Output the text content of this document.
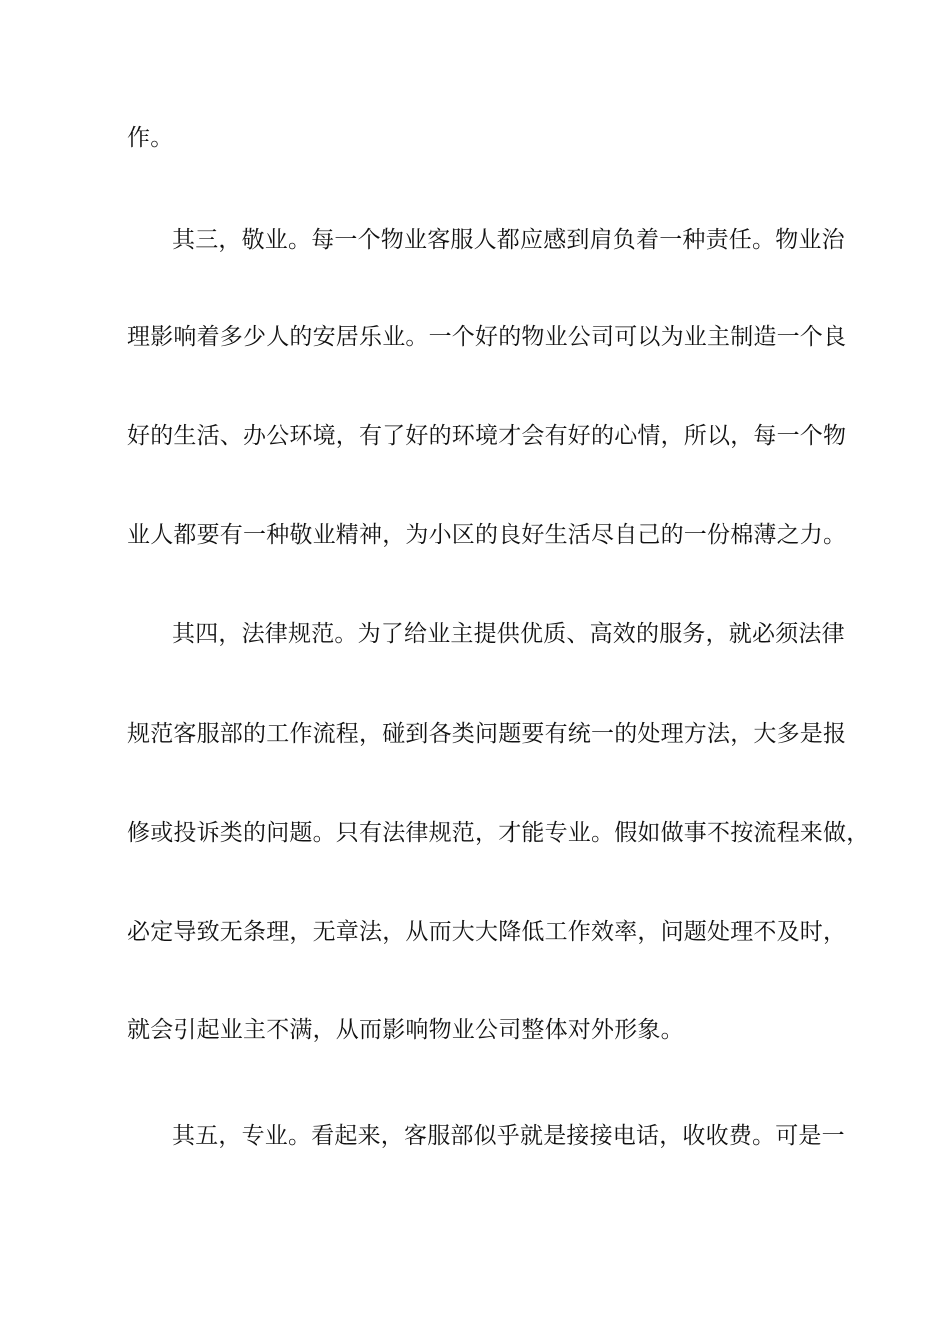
作。
其三，敬业。每一个物业客服人都应感到肩负着一种责任。物业治
理影响着多少人的安居乐业。一个好的物业公司可以为业主制造一个良
好的生活、办公环境，有了好的环境才会有好的心情，所以，每一个物
业人都要有一种敬业精神，为小区的良好生活尽自己的一份棉薄之力。
其四，法律规范。为了给业主提供优质、高效的服务，就必须法律
规范客服部的工作流程，碰到各类问题要有统一的处理方法，大多是报
修或投诉类的问题。只有法律规范，才能专业。假如做事不按流程来做，
必定导致无条理，无章法，从而大大降低工作效率，问题处理不及时，
就会引起业主不满，从而影响物业公司整体对外形象。
其五，专业。看起来，客服部似乎就是接接电话，收收费。可是一
